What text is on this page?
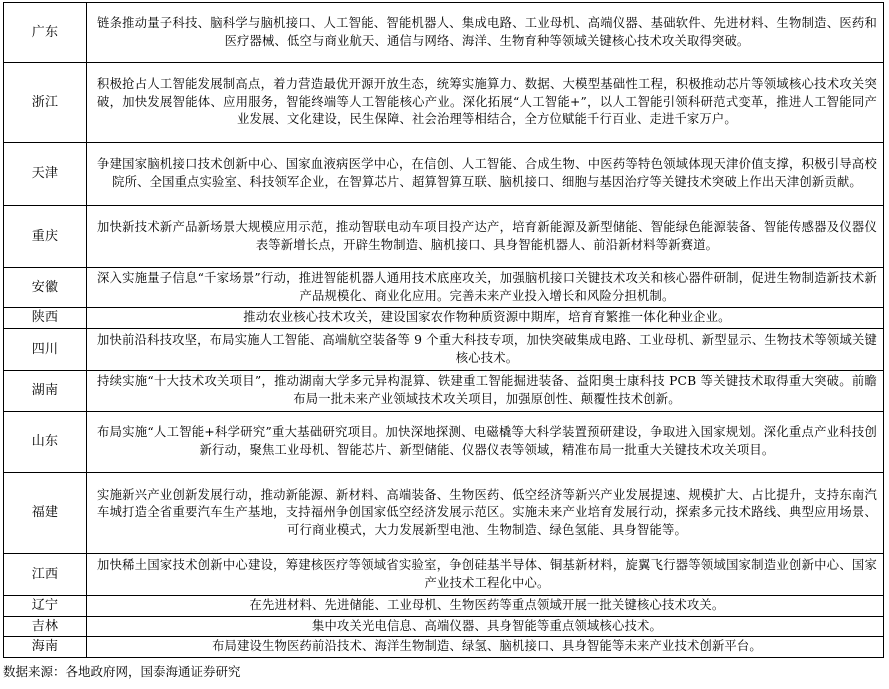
广东	链条推动量子科技、脑科学与脑机接口、人工智能、智能机器人、集成电路、工业母机、高端仪器、基础软件、先进材料、生物制造、医药和医疗器械、低空与商业航天、通信与网络、海洋、生物育种等领域关键核心技术攻关取得突破。
浙江	积极抢占人工智能发展制高点，着力营造最优开源开放生态，统筹实施算力、数据、大模型基础性工程，积极推动芯片等领域核心技术攻关突破，加快发展智能体、应用服务，智能终端等人工智能核心产业。深化拓展“人工智能+”，以人工智能引领科研范式变革，推进人工智能同产业发展、文化建设，民生保障、社会治理等相结合，全方位赋能千行百业、走进千家万户。
天津	争建国家脑机接口技术创新中心、国家血液病医学中心，在信创、人工智能、合成生物、中医药等特色领域体现天津价值支撑，积极引导高校院所、全国重点实验室、科技领军企业，在智算芯片、超算智算互联、脑机接口、细胞与基因治疗等关键技术突破上作出天津创新贡献。
重庆	加快新技术新产品新场景大规模应用示范，推动智联电动车项目投产达产，培育新能源及新型储能、智能绿色能源装备、智能传感器及仪器仪表等新增长点，开辟生物制造、脑机接口、具身智能机器人、前沿新材料等新赛道。
安徽	深入实施量子信息“千家场景”行动，推进智能机器人通用技术底座攻关，加强脑机接口关键技术攻关和核心器件研制，促进生物制造新技术新产品规模化、商业化应用。完善未来产业投入增长和风险分担机制。
陕西	推动农业核心技术攻关，建设国家农作物种质资源中期库，培育育繁推一体化种业企业。
四川	加快前沿科技攻坚，布局实施人工智能、高端航空装备等 9 个重大科技专项，加快突破集成电路、工业母机、新型显示、生物技术等领域关键核心技术。
湖南	持续实施“十大技术攻关项目”，推动湖南大学多元异构混算、铁建重工智能掘进装备、益阳奥士康科技 PCB 等关键技术取得重大突破。前瞻布局一批未来产业领域技术攻关项目，加强原创性、颠覆性技术创新。
山东	布局实施“人工智能+科学研究”重大基础研究项目。加快深地探测、电磁橇等大科学装置预研建设，争取进入国家规划。深化重点产业科技创新行动，聚焦工业母机、智能芯片、新型储能、仪器仪表等领域，精准布局一批重大关键技术攻关项目。
福建	实施新兴产业创新发展行动，推动新能源、新材料、高端装备、生物医药、低空经济等新兴产业发展提速、规模扩大、占比提升，支持东南汽车城打造全省重要汽车生产基地，支持福州争创国家低空经济发展示范区。实施未来产业培育发展行动，探索多元技术路线、典型应用场景、可行商业模式，大力发展新型电池、生物制造、绿色氢能、具身智能等。
江西	加快稀土国家技术创新中心建设，筹建核医疗等领域省实验室，争创硅基半导体、铜基新材料，旋翼飞行器等领域国家制造业创新中心、国家产业技术工程化中心。
辽宁	在先进材料、先进储能、工业母机、生物医药等重点领域开展一批关键核心技术攻关。
吉林	集中攻关光电信息、高端仪器、具身智能等重点领域核心技术。
海南	布局建设生物医药前沿技术、海洋生物制造、绿氢、脑机接口、具身智能等未来产业技术创新平台。
数据来源：各地政府网，国泰海通证券研究
